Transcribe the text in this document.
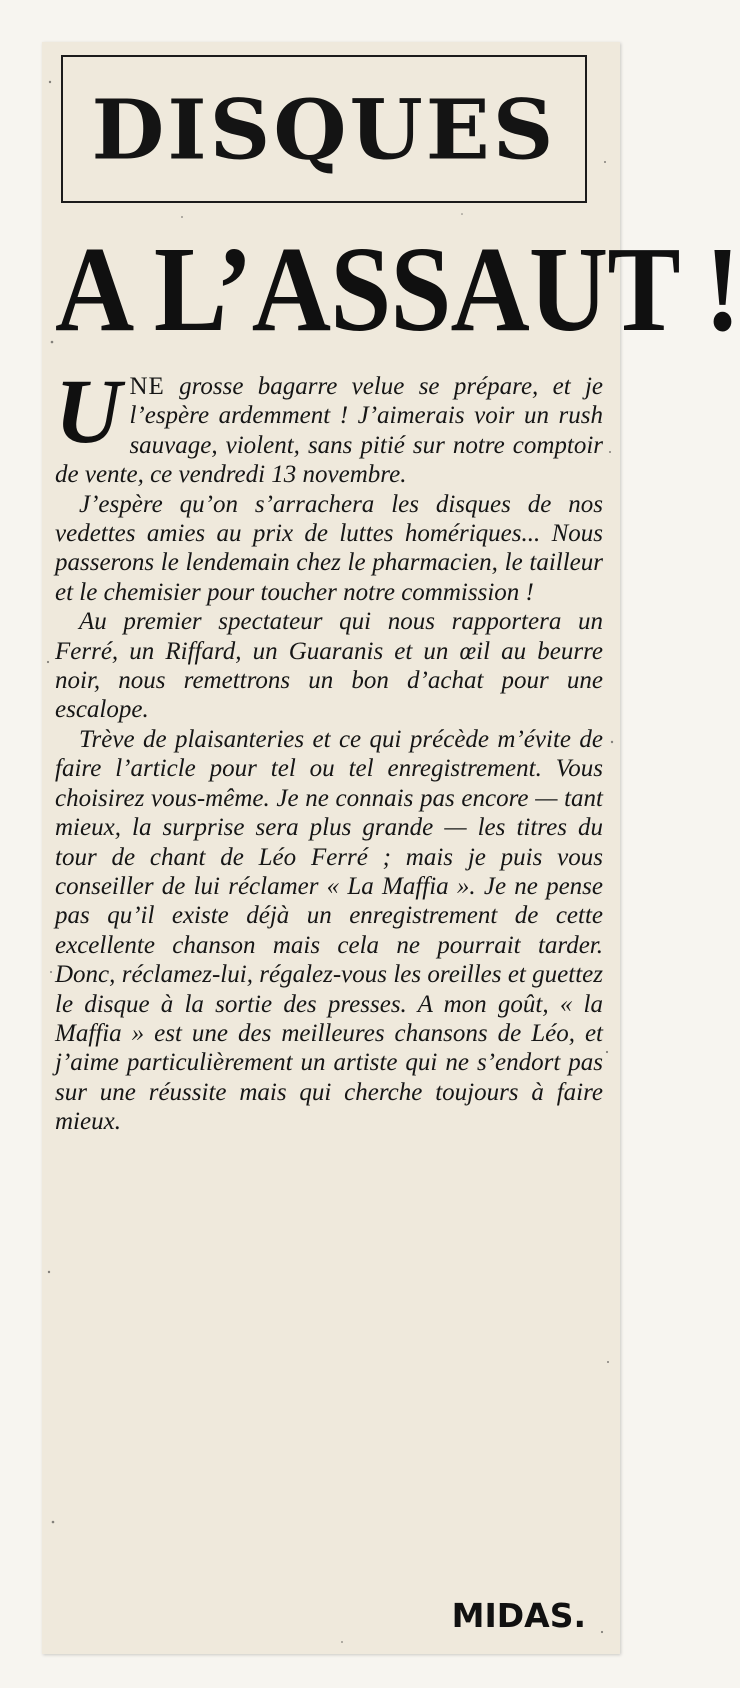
DISQUES
A L’ASSAUT !

UNE grosse bagarre velue se prépare, et je l’espère ardemment ! J’aimerais voir un rush sauvage, violent, sans pitié sur notre comptoir de vente, ce vendredi 13 novembre.

J’espère qu’on s’arrachera les disques de nos vedettes amies au prix de luttes homériques... Nous passerons le lendemain chez le pharmacien, le tailleur et le chemisier pour toucher notre commission !

Au premier spectateur qui nous rapportera un Ferré, un Riffard, un Guaranis et un œil au beurre noir, nous remettrons un bon d’achat pour une escalope.

Trève de plaisanteries et ce qui précède m’évite de faire l’article pour tel ou tel enregistrement. Vous choisirez vous-même. Je ne connais pas encore — tant mieux, la surprise sera plus grande — les titres du tour de chant de Léo Ferré ; mais je puis vous conseiller de lui réclamer « La Maffia ». Je ne pense pas qu’il existe déjà un enregistrement de cette excellente chanson mais cela ne pourrait tarder. Donc, réclamez-lui, régalez-vous les oreilles et guettez le disque à la sortie des presses. A mon goût, « la Maffia » est une des meilleures chansons de Léo, et j’aime particulièrement un artiste qui ne s’endort pas sur une réussite mais qui cherche toujours à faire mieux.

MIDAS.
